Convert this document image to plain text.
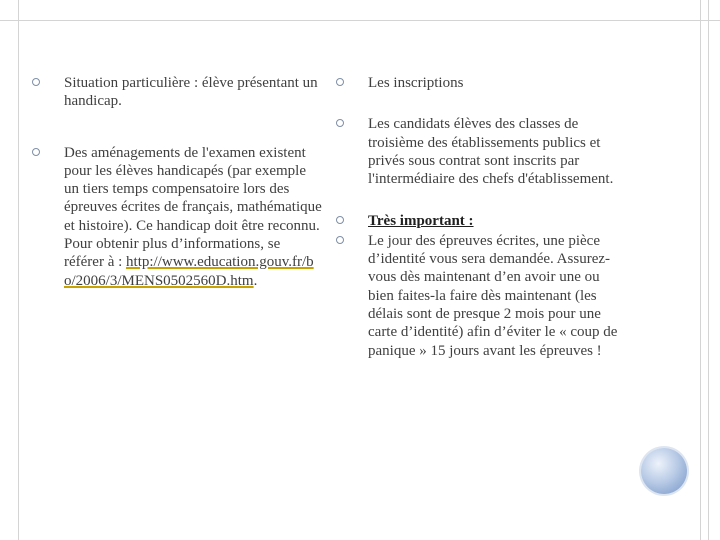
Situation particulière : élève présentant un handicap.
Des aménagements de l'examen existent pour les élèves handicapés (par exemple un tiers temps compensatoire lors des épreuves écrites de français, mathématique et histoire). Ce handicap doit être reconnu. Pour obtenir plus d’informations, se référer à : http://www.education.gouv.fr/bo/2006/3/MENS0502560D.htm.
Les inscriptions
Les candidats élèves des classes de troisième des établissements publics et privés sous contrat sont inscrits par l'intermédiaire des chefs d'établissement.
Très important :
Le jour des épreuves écrites, une pièce d’identité vous sera demandée. Assurez-vous dès maintenant d’en avoir une ou bien faites-la faire dès maintenant (les délais sont de presque 2 mois pour une carte d’identité) afin d’éviter le « coup de panique » 15 jours avant les épreuves !
